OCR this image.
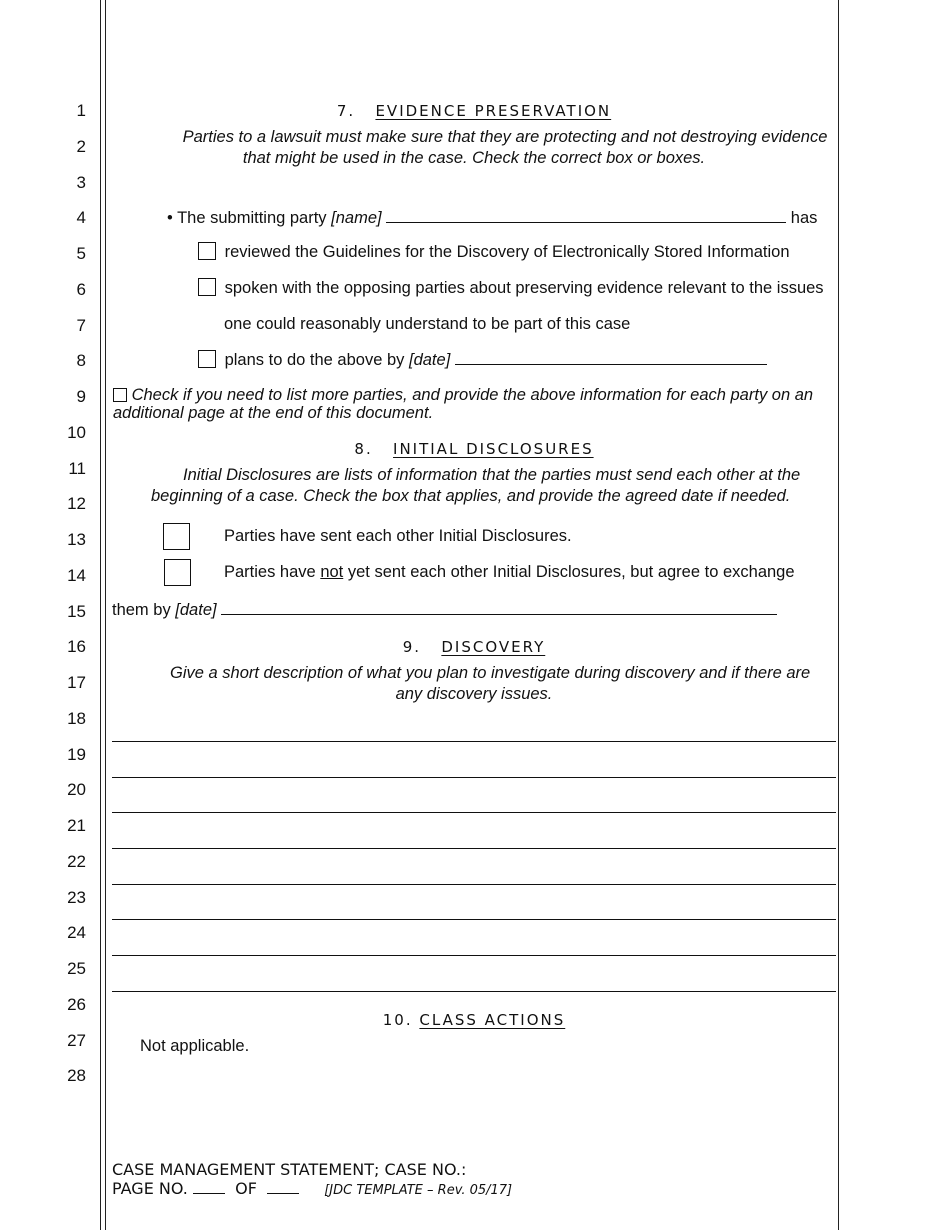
1
2
3
4
5
6
7
8
9
10
11
12
13
14
15
16
17
18
19
20
21
22
23
24
25
26
27
28
7. EVIDENCE PRESERVATION
Parties to a lawsuit must make sure that they are protecting and not destroying evidence
that might be used in the case. Check the correct box or boxes.
• The submitting party [name]	has
reviewed the Guidelines for the Discovery of Electronically Stored Information
spoken with the opposing parties about preserving evidence relevant to the issues
one could reasonably understand to be part of this case
plans to do the above by [date]
Check if you need to list more parties, and provide the above information for each party on an
additional page at the end of this document.
8. INITIAL DISCLOSURES
Initial Disclosures are lists of information that the parties must send each other at the
beginning of a case. Check the box that applies, and provide the agreed date if needed.
Parties have sent each other Initial Disclosures.
Parties have not yet sent each other Initial Disclosures, but agree to exchange
them by [date]
9. DISCOVERY
Give a short description of what you plan to investigate during discovery and if there are
any discovery issues.
10. CLASS ACTIONS
Not applicable.
CASE MANAGEMENT STATEMENT; CASE NO.:
PAGE NO.	OF	[JDC TEMPLATE – Rev. 05/17]
